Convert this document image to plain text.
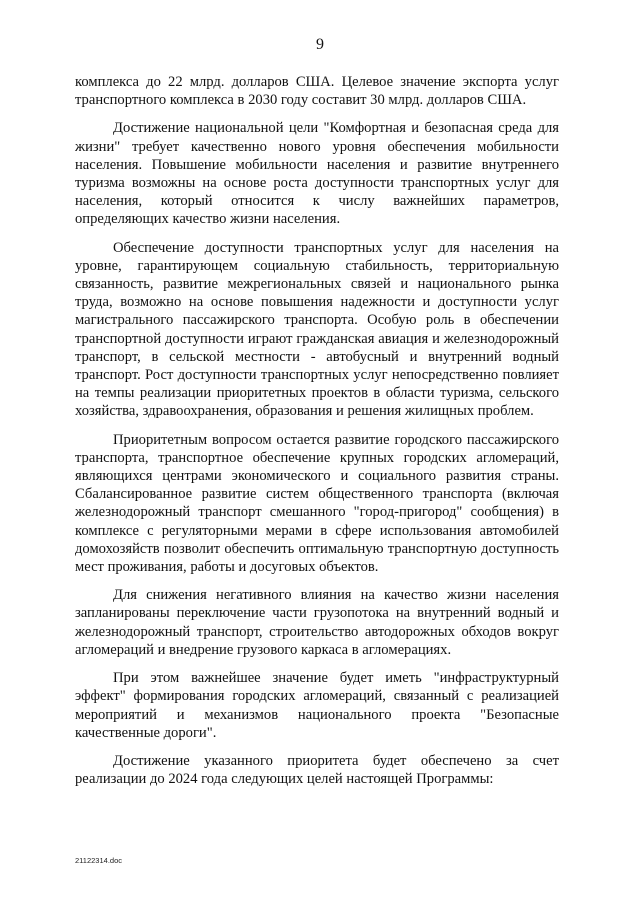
9

комплекса до 22 млрд. долларов США. Целевое значение экспорта услуг транспортного комплекса в 2030 году составит 30 млрд. долларов США.

Достижение национальной цели "Комфортная и безопасная среда для жизни" требует качественно нового уровня обеспечения мобильности населения. Повышение мобильности населения и развитие внутреннего туризма возможны на основе роста доступности транспортных услуг для населения, который относится к числу важнейших параметров, определяющих качество жизни населения.

Обеспечение доступности транспортных услуг для населения на уровне, гарантирующем социальную стабильность, территориальную связанность, развитие межрегиональных связей и национального рынка труда, возможно на основе повышения надежности и доступности услуг магистрального пассажирского транспорта. Особую роль в обеспечении транспортной доступности играют гражданская авиация и железнодорожный транспорт, в сельской местности - автобусный и внутренний водный транспорт. Рост доступности транспортных услуг непосредственно повлияет на темпы реализации приоритетных проектов в области туризма, сельского хозяйства, здравоохранения, образования и решения жилищных проблем.

Приоритетным вопросом остается развитие городского пассажирского транспорта, транспортное обеспечение крупных городских агломераций, являющихся центрами экономического и социального развития страны. Сбалансированное развитие систем общественного транспорта (включая железнодорожный транспорт смешанного "город-пригород" сообщения) в комплексе с регуляторными мерами в сфере использования автомобилей домохозяйств позволит обеспечить оптимальную транспортную доступность мест проживания, работы и досуговых объектов.

Для снижения негативного влияния на качество жизни населения запланированы переключение части грузопотока на внутренний водный и железнодорожный транспорт, строительство автодорожных обходов вокруг агломераций и внедрение грузового каркаса в агломерациях.

При этом важнейшее значение будет иметь "инфраструктурный эффект" формирования городских агломераций, связанный с реализацией мероприятий и механизмов национального проекта "Безопасные качественные дороги".

Достижение указанного приоритета будет обеспечено за счет реализации до 2024 года следующих целей настоящей Программы:

21122314.doc
